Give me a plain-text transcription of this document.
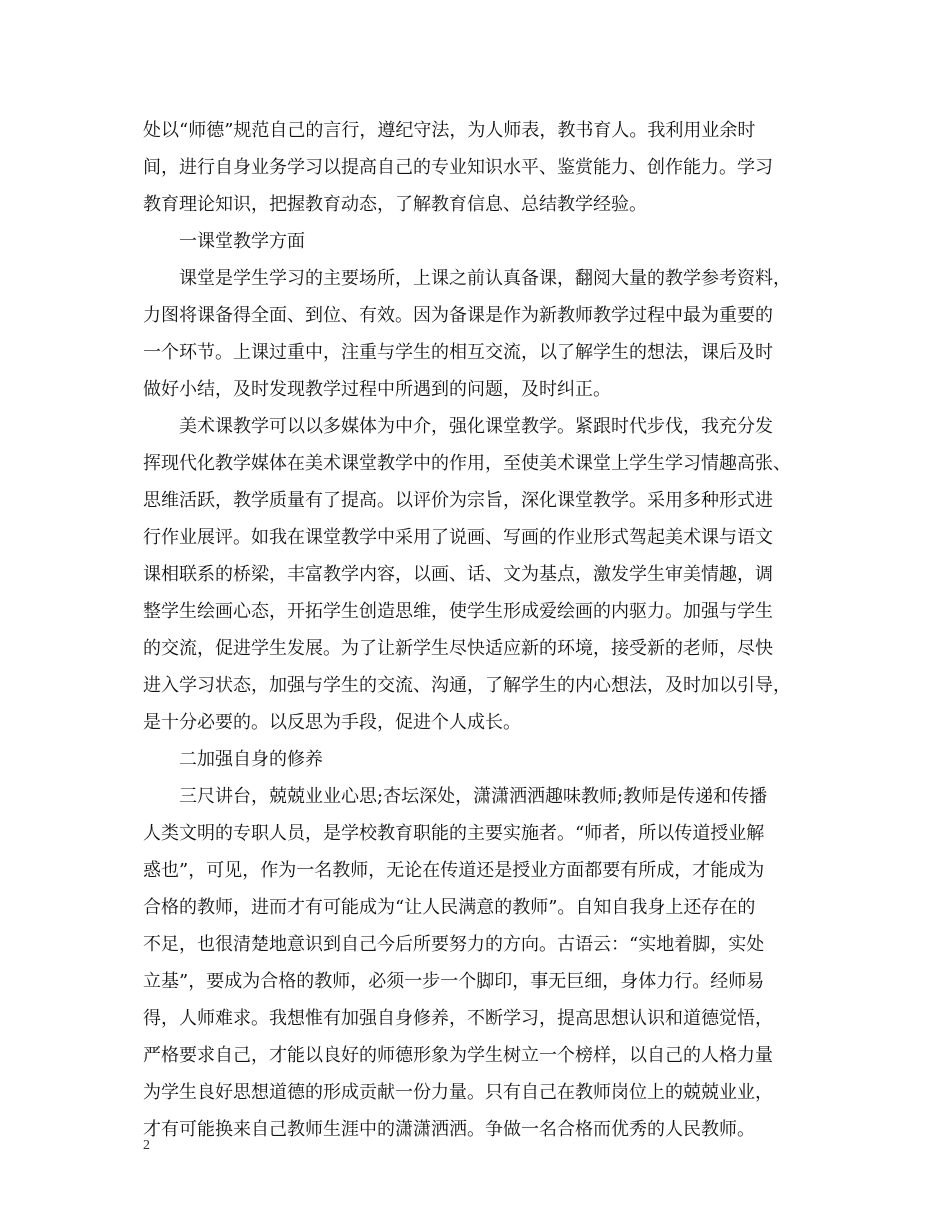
处以“师德”规范自己的言行，遵纪守法，为人师表，教书育人。我利用业余时
间，进行自身业务学习以提高自己的专业知识水平、鉴赏能力、创作能力。学习
教育理论知识，把握教育动态，了解教育信息、总结教学经验。
一课堂教学方面
课堂是学生学习的主要场所，上课之前认真备课，翻阅大量的教学参考资料，
力图将课备得全面、到位、有效。因为备课是作为新教师教学过程中最为重要的
一个环节。上课过重中，注重与学生的相互交流，以了解学生的想法，课后及时
做好小结，及时发现教学过程中所遇到的问题，及时纠正。
美术课教学可以以多媒体为中介，强化课堂教学。紧跟时代步伐，我充分发
挥现代化教学媒体在美术课堂教学中的作用，至使美术课堂上学生学习情趣高张、
思维活跃，教学质量有了提高。以评价为宗旨，深化课堂教学。采用多种形式进
行作业展评。如我在课堂教学中采用了说画、写画的作业形式驾起美术课与语文
课相联系的桥梁，丰富教学内容，以画、话、文为基点，激发学生审美情趣，调
整学生绘画心态，开拓学生创造思维，使学生形成爱绘画的内驱力。加强与学生
的交流，促进学生发展。为了让新学生尽快适应新的环境，接受新的老师，尽快
进入学习状态，加强与学生的交流、沟通，了解学生的内心想法，及时加以引导，
是十分必要的。以反思为手段，促进个人成长。
二加强自身的修养
三尺讲台，兢兢业业心思;杏坛深处，潇潇洒洒趣味教师;教师是传递和传播
人类文明的专职人员，是学校教育职能的主要实施者。“师者，所以传道授业解
惑也”，可见，作为一名教师，无论在传道还是授业方面都要有所成，才能成为
合格的教师，进而才有可能成为“让人民满意的教师”。自知自我身上还存在的
不足，也很清楚地意识到自己今后所要努力的方向。古语云：“实地着脚，实处
立基”，要成为合格的教师，必须一步一个脚印，事无巨细，身体力行。经师易
得，人师难求。我想惟有加强自身修养，不断学习，提高思想认识和道德觉悟，
严格要求自己，才能以良好的师德形象为学生树立一个榜样，以自己的人格力量
为学生良好思想道德的形成贡献一份力量。只有自己在教师岗位上的兢兢业业，
才有可能换来自己教师生涯中的潇潇洒洒。争做一名合格而优秀的人民教师。
2
